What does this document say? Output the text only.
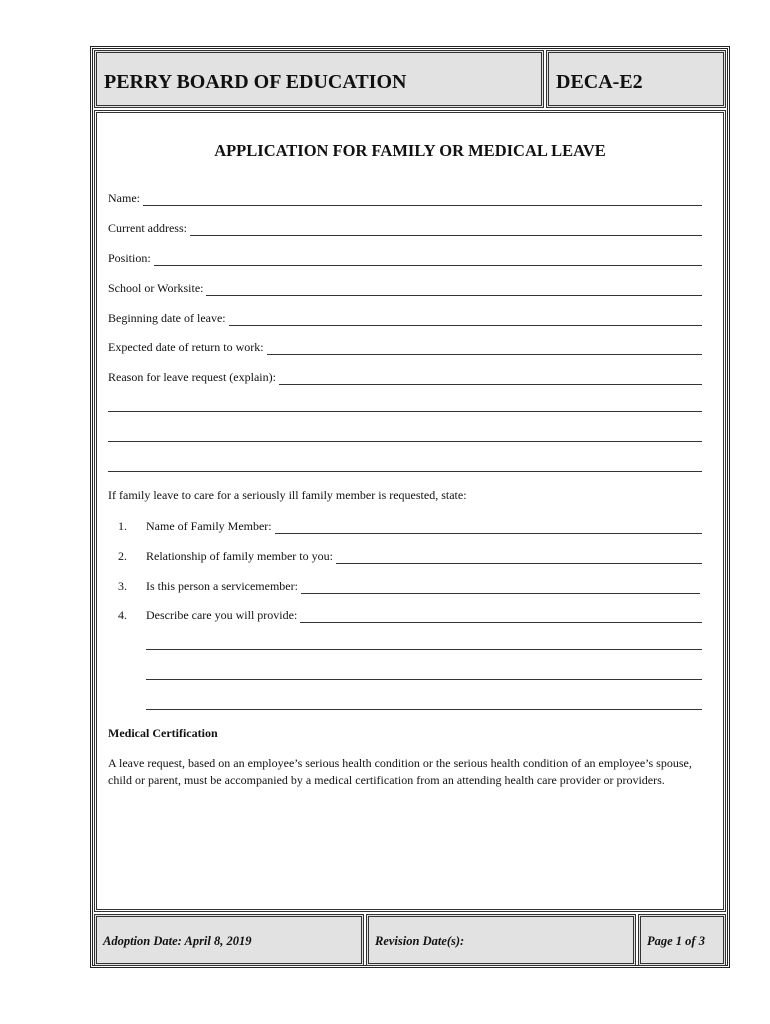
PERRY BOARD OF EDUCATION	DECA-E2
APPLICATION FOR FAMILY OR MEDICAL LEAVE
Name:
Current address:
Position:
School or Worksite:
Beginning date of leave:
Expected date of return to work:
Reason for leave request (explain):
If family leave to care for a seriously ill family member is requested, state:
1. Name of Family Member:
2. Relationship of family member to you:
3. Is this person a servicemember:
4. Describe care you will provide:
Medical Certification
A leave request, based on an employee’s serious health condition or the serious health condition of an employee’s spouse, child or parent, must be accompanied by a medical certification from an attending health care provider or providers.
Adoption Date: April 8, 2019	Revision Date(s):	Page 1 of 3
